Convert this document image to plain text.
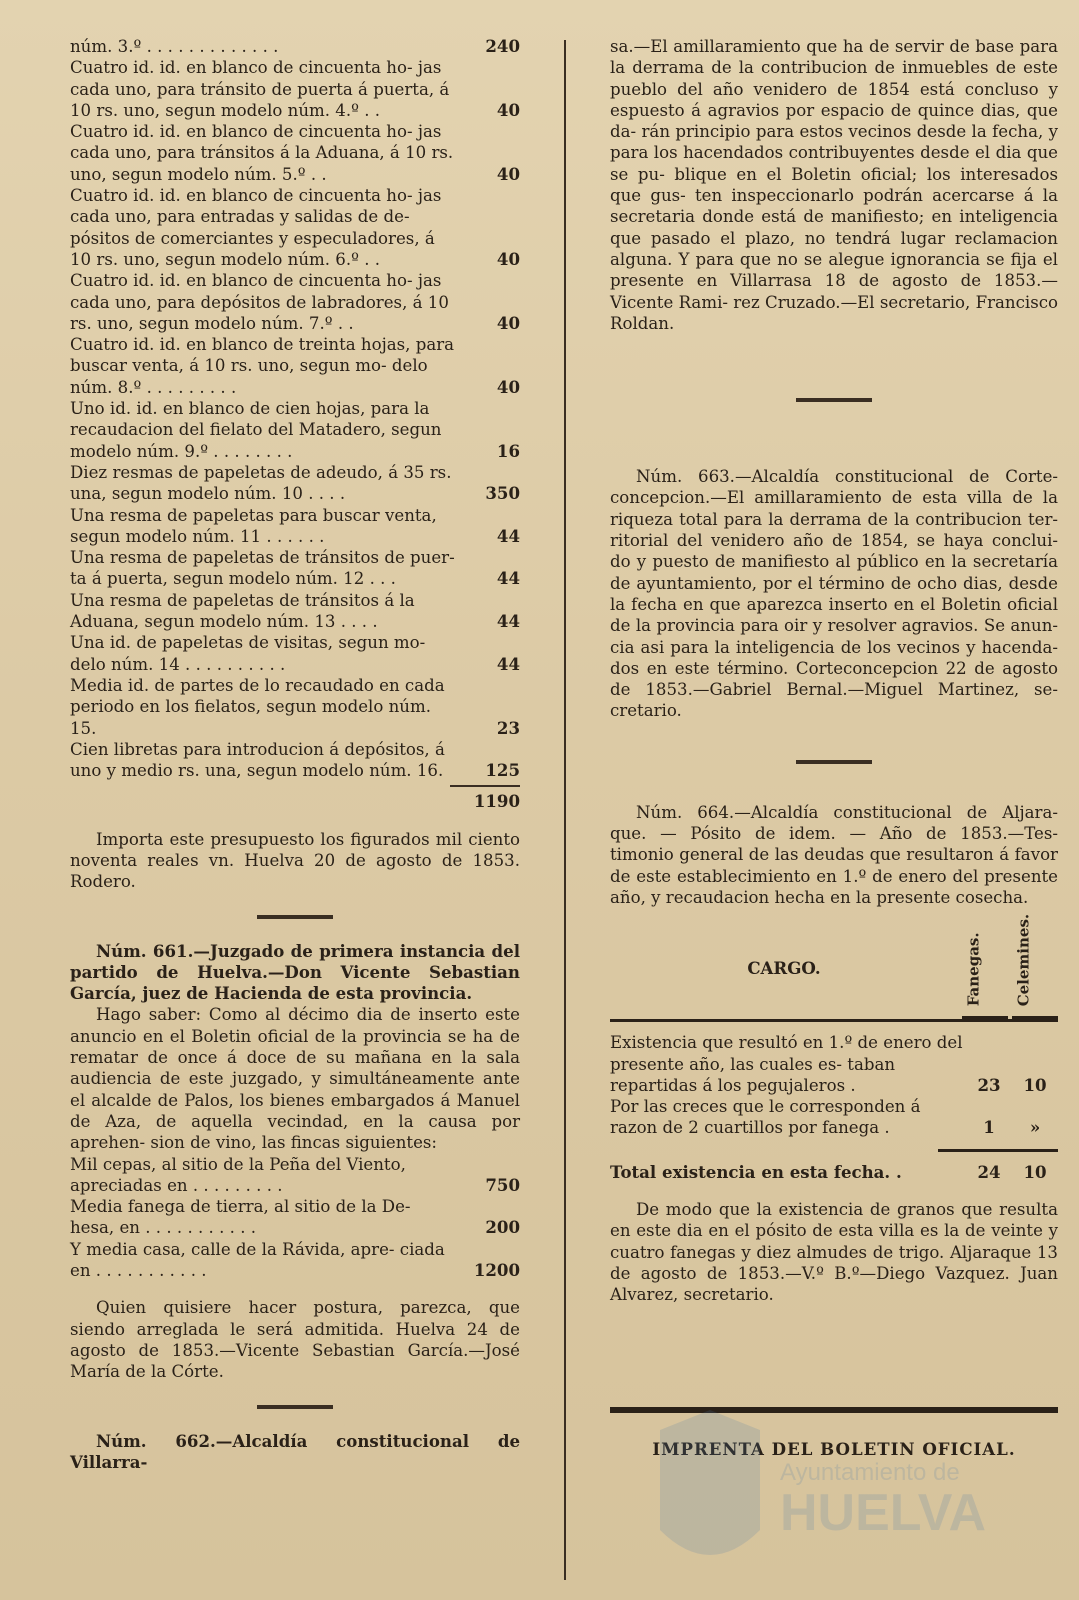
núm. 3.º . . . . . . . . . . . . .	240
Cuatro id. id. en blanco de cincuenta ho- jas cada uno, para tránsito de puerta á puerta, á 10 rs. uno, segun modelo núm. 4.º . .	40
Cuatro id. id. en blanco de cincuenta ho- jas cada uno, para tránsitos á la Aduana, á 10 rs. uno, segun modelo núm. 5.º . .	40
Cuatro id. id. en blanco de cincuenta ho- jas cada uno, para entradas y salidas de de- pósitos de comerciantes y especuladores, á 10 rs. uno, segun modelo núm. 6.º . .	40
Cuatro id. id. en blanco de cincuenta ho- jas cada uno, para depósitos de labradores, á 10 rs. uno, segun modelo núm. 7.º . .	40
Cuatro id. id. en blanco de treinta hojas, para buscar venta, á 10 rs. uno, segun mo- delo núm. 8.º . . . . . . . . .	40
Uno id. id. en blanco de cien hojas, para la recaudacion del fielato del Matadero, segun modelo núm. 9.º . . . . . . . .	16
Diez resmas de papeletas de adeudo, á 35 rs. una, segun modelo núm. 10 . . . .	350
Una resma de papeletas para buscar venta, segun modelo núm. 11 . . . . . .	44
Una resma de papeletas de tránsitos de puer- ta á puerta, segun modelo núm. 12 . . .	44
Una resma de papeletas de tránsitos á la Aduana, segun modelo núm. 13 . . . .	44
Una id. de papeletas de visitas, segun mo- delo núm. 14 . . . . . . . . . .	44
Media id. de partes de lo recaudado en cada periodo en los fielatos, segun modelo núm. 15.	23
Cien libretas para introducion á depósitos, á uno y medio rs. una, segun modelo núm. 16.	125
1190

Importa este presupuesto los figurados mil ciento noventa reales vn. Huelva 20 de agosto de 1853. Rodero.

Núm. 661.—Juzgado de primera instancia del partido de Huelva.—Don Vicente Sebastian García, juez de Hacienda de esta provincia.

Hago saber: Como al décimo dia de inserto este anuncio en el Boletin oficial de la provincia se ha de rematar de once á doce de su mañana en la sala audiencia de este juzgado, y simultáneamente ante el alcalde de Palos, los bienes embargados á Manuel de Aza, de aquella vecindad, en la causa por aprehen- sion de vino, las fincas siguientes:

Mil cepas, al sitio de la Peña del Viento, apreciadas en . . . . . . . . .	750
Media fanega de tierra, al sitio de la De- hesa, en . . . . . . . . . . .	200
Y media casa, calle de la Rávida, apre- ciada en . . . . . . . . . . .	1200

Quien quisiere hacer postura, parezca, que siendo arreglada le será admitida. Huelva 24 de agosto de 1853.—Vicente Sebastian García.—José María de la Córte.

Núm. 662.—Alcaldía constitucional de Villarra-

sa.—El amillaramiento que ha de servir de base para la derrama de la contribucion de inmuebles de este pueblo del año venidero de 1854 está concluso y espuesto á agravios por espacio de quince dias, que da- rán principio para estos vecinos desde la fecha, y para los hacendados contribuyentes desde el dia que se pu- blique en el Boletin oficial; los interesados que gus- ten inspeccionarlo podrán acercarse á la secretaria donde está de manifiesto; en inteligencia que pasado el plazo, no tendrá lugar reclamacion alguna. Y para que no se alegue ignorancia se fija el presente en Villarrasa 18 de agosto de 1853.—Vicente Rami- rez Cruzado.—El secretario, Francisco Roldan.

Núm. 663.—Alcaldía constitucional de Corte- concepcion.—El amillaramiento de esta villa de la riqueza total para la derrama de la contribucion ter- ritorial del venidero año de 1854, se haya conclui- do y puesto de manifiesto al público en la secretaría de ayuntamiento, por el término de ocho dias, desde la fecha en que aparezca inserto en el Boletin oficial de la provincia para oir y resolver agravios. Se anun- cia asi para la inteligencia de los vecinos y hacenda- dos en este término. Corteconcepcion 22 de agosto de 1853.—Gabriel Bernal.—Miguel Martinez, se- cretario.

Núm. 664.—Alcaldía constitucional de Aljara- que. — Pósito de idem. — Año de 1853.—Tes- timonio general de las deudas que resultaron á favor de este establecimiento en 1.º de enero del presente año, y recaudacion hecha en la presente cosecha.

CARGO.	Fanegas. Celemines.
Existencia que resultó en 1.º de enero del presente año, las cuales es- taban repartidas á los pegujaleros .	23	10
Por las creces que le corresponden á razon de 2 cuartillos por fanega .	1	»
Total existencia en esta fecha. .	24	10

De modo que la existencia de granos que resulta en este dia en el pósito de esta villa es la de veinte y cuatro fanegas y diez almudes de trigo. Aljaraque 13 de agosto de 1853.—V.º B.º—Diego Vazquez. Juan Alvarez, secretario.

IMPRENTA DEL BOLETIN OFICIAL.
Ayuntamiento de
HUELVA
